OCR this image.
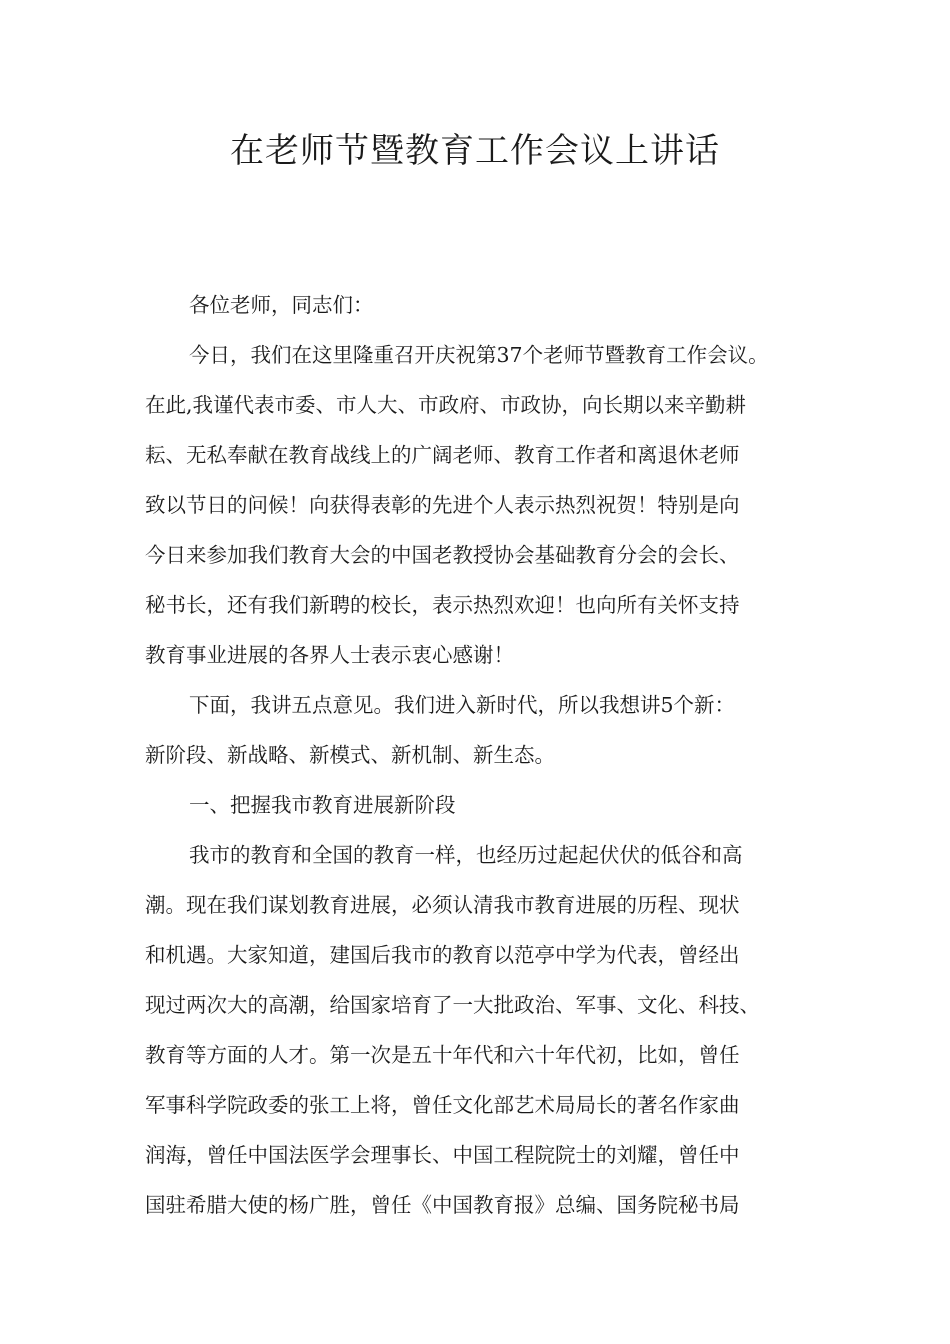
在老师节暨教育工作会议上讲话
各位老师，同志们：
今日，我们在这里隆重召开庆祝第37个老师节暨教育工作会议。
在此,我谨代表市委、市人大、市政府、市政协，向长期以来辛勤耕
耘、无私奉献在教育战线上的广阔老师、教育工作者和离退休老师
致以节日的问候！向获得表彰的先进个人表示热烈祝贺！特别是向
今日来参加我们教育大会的中国老教授协会基础教育分会的会长、
秘书长，还有我们新聘的校长，表示热烈欢迎！也向所有关怀支持
教育事业进展的各界人士表示衷心感谢！
下面，我讲五点意见。我们进入新时代，所以我想讲5个新：
新阶段、新战略、新模式、新机制、新生态。
一、把握我市教育进展新阶段
我市的教育和全国的教育一样，也经历过起起伏伏的低谷和高
潮。现在我们谋划教育进展，必须认清我市教育进展的历程、现状
和机遇。大家知道，建国后我市的教育以范亭中学为代表，曾经出
现过两次大的高潮，给国家培育了一大批政治、军事、文化、科技、
教育等方面的人才。第一次是五十年代和六十年代初，比如，曾任
军事科学院政委的张工上将，曾任文化部艺术局局长的著名作家曲
润海，曾任中国法医学会理事长、中国工程院院士的刘耀，曾任中
国驻希腊大使的杨广胜，曾任《中国教育报》总编、国务院秘书局
